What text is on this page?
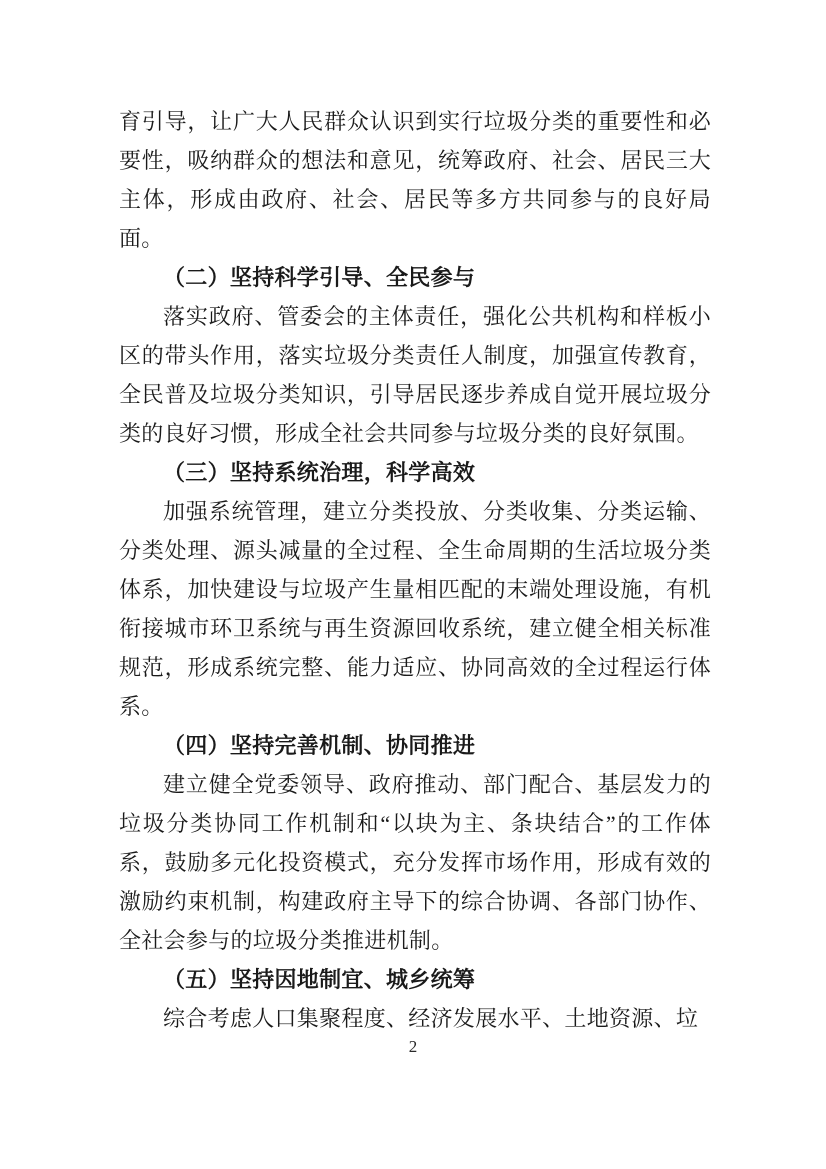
育引导，让广大人民群众认识到实行垃圾分类的重要性和必要性，吸纳群众的想法和意见，统筹政府、社会、居民三大主体，形成由政府、社会、居民等多方共同参与的良好局面。

（二）坚持科学引导、全民参与

落实政府、管委会的主体责任，强化公共机构和样板小区的带头作用，落实垃圾分类责任人制度，加强宣传教育，全民普及垃圾分类知识，引导居民逐步养成自觉开展垃圾分类的良好习惯，形成全社会共同参与垃圾分类的良好氛围。

（三）坚持系统治理，科学高效

加强系统管理，建立分类投放、分类收集、分类运输、分类处理、源头减量的全过程、全生命周期的生活垃圾分类体系，加快建设与垃圾产生量相匹配的末端处理设施，有机衔接城市环卫系统与再生资源回收系统，建立健全相关标准规范，形成系统完整、能力适应、协同高效的全过程运行体系。

（四）坚持完善机制、协同推进

建立健全党委领导、政府推动、部门配合、基层发力的垃圾分类协同工作机制和“以块为主、条块结合”的工作体系，鼓励多元化投资模式，充分发挥市场作用，形成有效的激励约束机制，构建政府主导下的综合协调、各部门协作、全社会参与的垃圾分类推进机制。

（五）坚持因地制宜、城乡统筹

综合考虑人口集聚程度、经济发展水平、土地资源、垃

2
